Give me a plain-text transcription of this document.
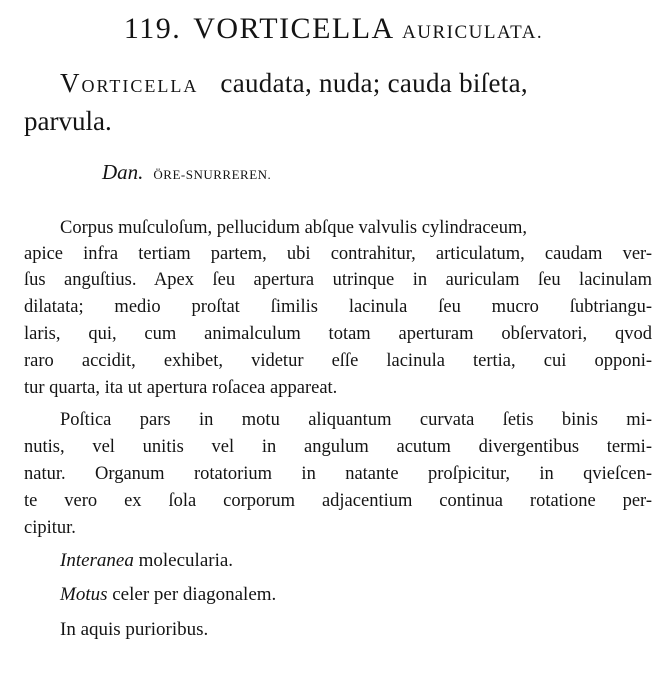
119. VORTICELLA AURICULATA.
VORTICELLA caudata, nuda; cauda biſeta,
parvula.
Dan. ÖRE-SNURREREN.
Corpus muſculoſum, pellucidum abſque valvulis cylindraceum,
apice infra tertiam partem, ubi contrahitur, articulatum, caudam ver-
ſus anguſtius. Apex ſeu apertura utrinque in auriculam ſeu lacinulam
dilatata; medio proſtat ſimilis lacinula ſeu mucro ſubtriangu-
laris, qui, cum animalculum totam aperturam obſervatori, qvod
raro accidit, exhibet, videtur eſſe lacinula tertia, cui opponi-
tur quarta, ita ut apertura roſacea appareat.
Poſtica pars in motu aliquantum curvata ſetis binis mi-
nutis, vel unitis vel in angulum acutum divergentibus termi-
natur. Organum rotatorium in natante proſpicitur, in qvieſcen-
te vero ex ſola corporum adjacentium continua rotatione per-
cipitur.
Interanea molecularia.
Motus celer per diagonalem.
In aquis purioribus.
